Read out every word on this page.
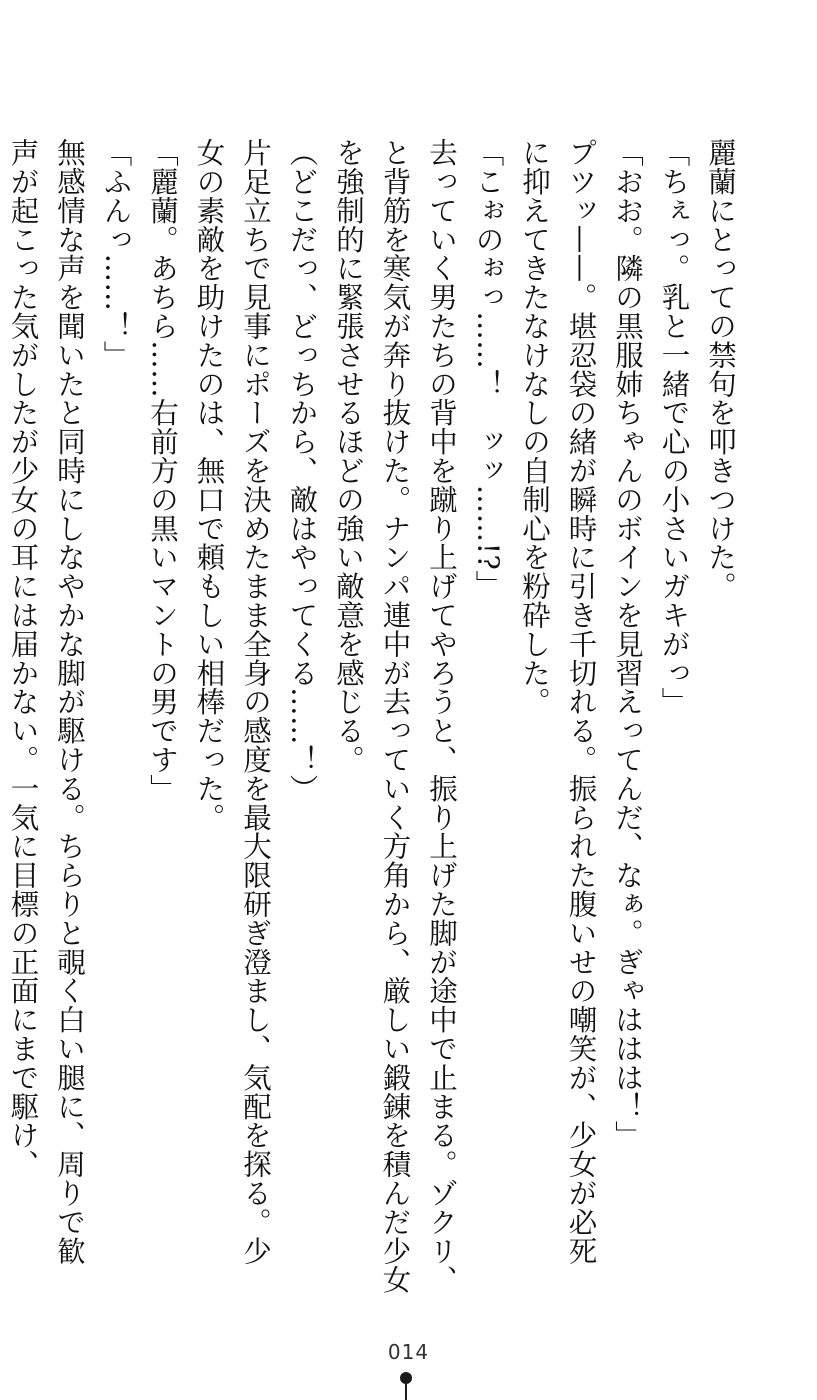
麗蘭にとっての禁句を叩きつけた。
「ちぇっ。乳と一緒で心の小さいガキがっ」
「おお。隣の黒服姉ちゃんのボインを見習えってんだ、なぁ。ぎゃははは！」
プツッ——。堪忍袋の緒が瞬時に引き千切れる。振られた腹いせの嘲笑が、少女が必死
に抑えてきたなけなしの自制心を粉砕した。
「こぉのぉっ……！　ッッ……!?」
去っていく男たちの背中を蹴り上げてやろうと、振り上げた脚が途中で止まる。ゾクリ、
と背筋を寒気が奔り抜けた。ナンパ連中が去っていく方角から、厳しい鍛錬を積んだ少女
を強制的に緊張させるほどの強い敵意を感じる。
（どこだっ、どっちから、敵はやってくる……！）
片足立ちで見事にポーズを決めたまま全身の感度を最大限研ぎ澄まし、気配を探る。少
女の素敵を助けたのは、無口で頼もしい相棒だった。
「麗蘭。あちら……右前方の黒いマントの男です」
「ふんっ……！」
無感情な声を聞いたと同時にしなやかな脚が駆ける。ちらりと覗く白い腿に、周りで歓
声が起こった気がしたが少女の耳には届かない。一気に目標の正面にまで駆け、
014
